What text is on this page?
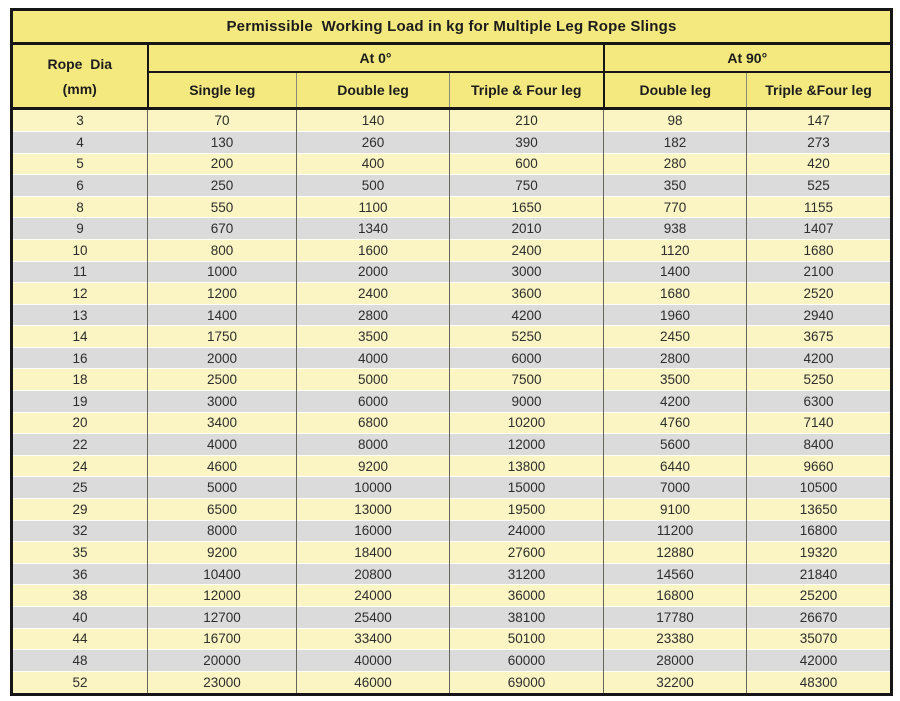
Permissible  Working Load in kg for Multiple Leg Rope Slings					

Rope  Dia
(mm)	At 0°			At 90°	
	Single leg	Double leg	Triple & Four leg	Double leg	Triple &Four leg
3	70	140	210	98	147
4	130	260	390	182	273
5	200	400	600	280	420
6	250	500	750	350	525
8	550	1100	1650	770	1155
9	670	1340	2010	938	1407
10	800	1600	2400	1120	1680
11	1000	2000	3000	1400	2100
12	1200	2400	3600	1680	2520
13	1400	2800	4200	1960	2940
14	1750	3500	5250	2450	3675
16	2000	4000	6000	2800	4200
18	2500	5000	7500	3500	5250
19	3000	6000	9000	4200	6300
20	3400	6800	10200	4760	7140
22	4000	8000	12000	5600	8400
24	4600	9200	13800	6440	9660
25	5000	10000	15000	7000	10500
29	6500	13000	19500	9100	13650
32	8000	16000	24000	11200	16800
35	9200	18400	27600	12880	19320
36	10400	20800	31200	14560	21840
38	12000	24000	36000	16800	25200
40	12700	25400	38100	17780	26670
44	16700	33400	50100	23380	35070
48	20000	40000	60000	28000	42000
52	23000	46000	69000	32200	48300
